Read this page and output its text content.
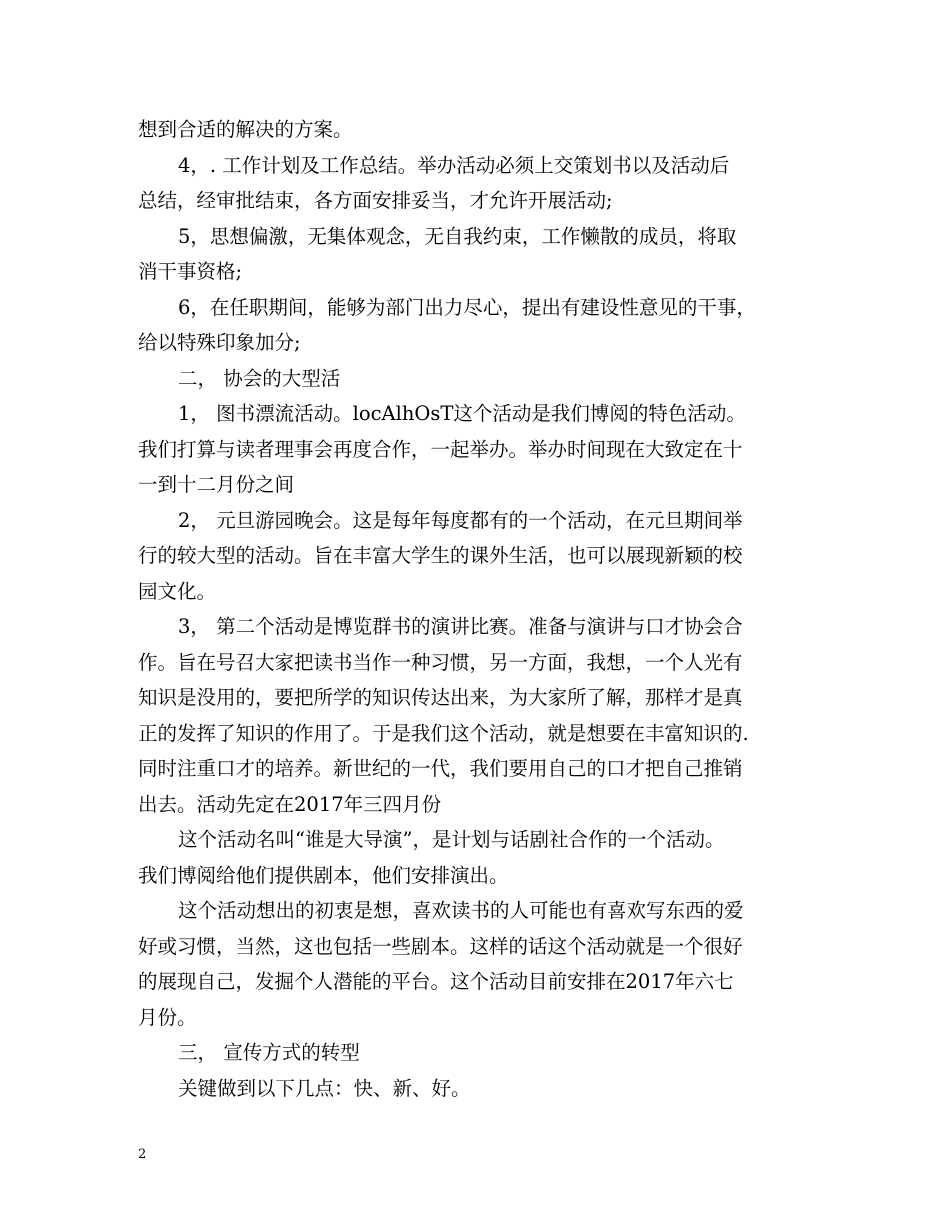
想到合适的解决的方案。
4，. 工作计划及工作总结。举办活动必须上交策划书以及活动后
总结，经审批结束，各方面安排妥当，才允许开展活动;
5，思想偏激，无集体观念，无自我约束，工作懒散的成员，将取
消干事资格;
6，在任职期间，能够为部门出力尽心，提出有建设性意见的干事，
给以特殊印象加分;
二， 协会的大型活
1， 图书漂流活动。locAlhOsT这个活动是我们博阅的特色活动。
我们打算与读者理事会再度合作，一起举办。举办时间现在大致定在十
一到十二月份之间
2， 元旦游园晚会。这是每年每度都有的一个活动，在元旦期间举
行的较大型的活动。旨在丰富大学生的课外生活，也可以展现新颖的校
园文化。
3， 第二个活动是博览群书的演讲比赛。准备与演讲与口才协会合
作。旨在号召大家把读书当作一种习惯，另一方面，我想，一个人光有
知识是没用的，要把所学的知识传达出来，为大家所了解，那样才是真
正的发挥了知识的作用了。于是我们这个活动，就是想要在丰富知识的.
同时注重口才的培养。新世纪的一代，我们要用自己的口才把自己推销
出去。活动先定在2017年三四月份
这个活动名叫“谁是大导演”，是计划与话剧社合作的一个活动。
我们博阅给他们提供剧本，他们安排演出。
这个活动想出的初衷是想，喜欢读书的人可能也有喜欢写东西的爱
好或习惯，当然，这也包括一些剧本。这样的话这个活动就是一个很好
的展现自己，发掘个人潜能的平台。这个活动目前安排在2017年六七
月份。
三， 宣传方式的转型
关键做到以下几点：快、新、好。
2
